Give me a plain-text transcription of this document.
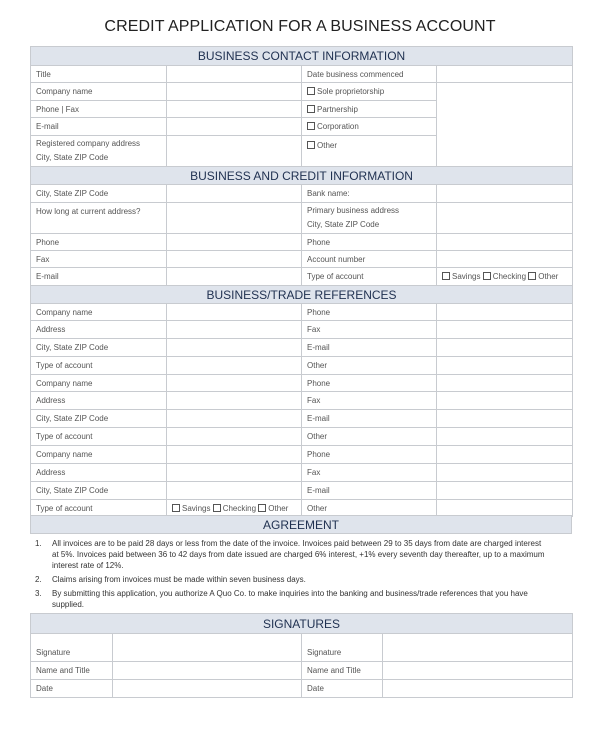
CREDIT APPLICATION FOR A BUSINESS ACCOUNT
BUSINESS CONTACT INFORMATION			
Title		Date business commenced	
Company name		Sole proprietorship	
Phone | Fax		Partnership	
E-mail		Corporation	

Registered company address
City, State ZIP Code		Other	
BUSINESS AND CREDIT INFORMATION			
City, State ZIP Code		Bank name:	
How long at current address?		Primary business address
City, State ZIP Code	

Phone		Phone	
Fax		Account number	
E-mail		Type of account	Savings Checking Other
BUSINESS/TRADE REFERENCES			
Company name		Phone	
Address		Fax	
City, State ZIP Code		E-mail	
Type of account		Other	
Company name		Phone	
Address		Fax	
City, State ZIP Code		E-mail	
Type of account		Other	
Company name		Phone	
Address		Fax	
City, State ZIP Code		E-mail	
Type of account	Savings Checking Other	Other	
AGREEMENT
1. All invoices are to be paid 28 days or less from the date of the invoice. Invoices paid between 29 to 35 days from date are charged interest
at 5%. Invoices paid between 36 to 42 days from date issued are charged 6% interest, +1% every seventh day thereafter, up to a maximum
interest rate of 12%.
2. Claims arising from invoices must be made within seven business days.
3. By submitting this application, you authorize A Quo Co. to make inquiries into the banking and business/trade references that you have
supplied.
SIGNATURES			
Signature		Signature	
Name and Title		Name and Title	
Date		Date	
